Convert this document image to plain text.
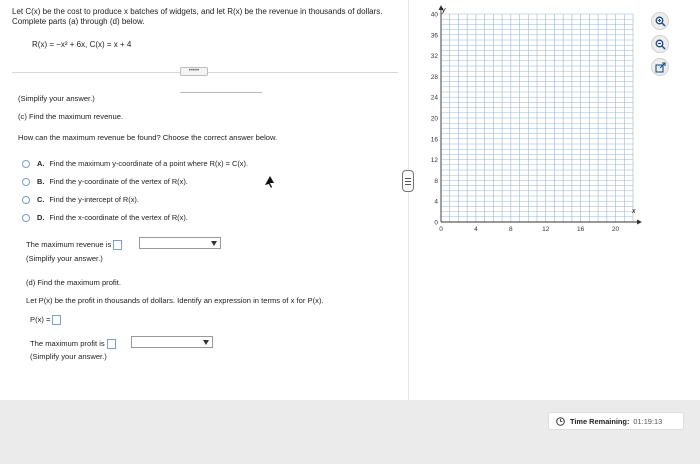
Let C(x) be the cost to produce x batches of widgets, and let R(x) be the revenue in thousands of dollars. Complete parts (a) through (d) below.
R(x) = −x² + 6x, C(x) = x + 4
•••••
(Simplify your answer.)
(c) Find the maximum revenue.
How can the maximum revenue be found? Choose the correct answer below.
A. Find the maximum y-coordinate of a point where R(x) = C(x).
B. Find the y-coordinate of the vertex of R(x).
C. Find the y-intercept of R(x).
D. Find the x-coordinate of the vertex of R(x).
The maximum revenue is
(Simplify your answer.)
(d) Find the maximum profit.
Let P(x) be the profit in thousands of dollars. Identify an expression in terms of x for P(x).
P(x) =
The maximum profit is
(Simplify your answer.)
40
36
32
28
24
20
16
12
8
4
0
0	4	8	12	16	20
y
x
Time Remaining: 01:19:13
